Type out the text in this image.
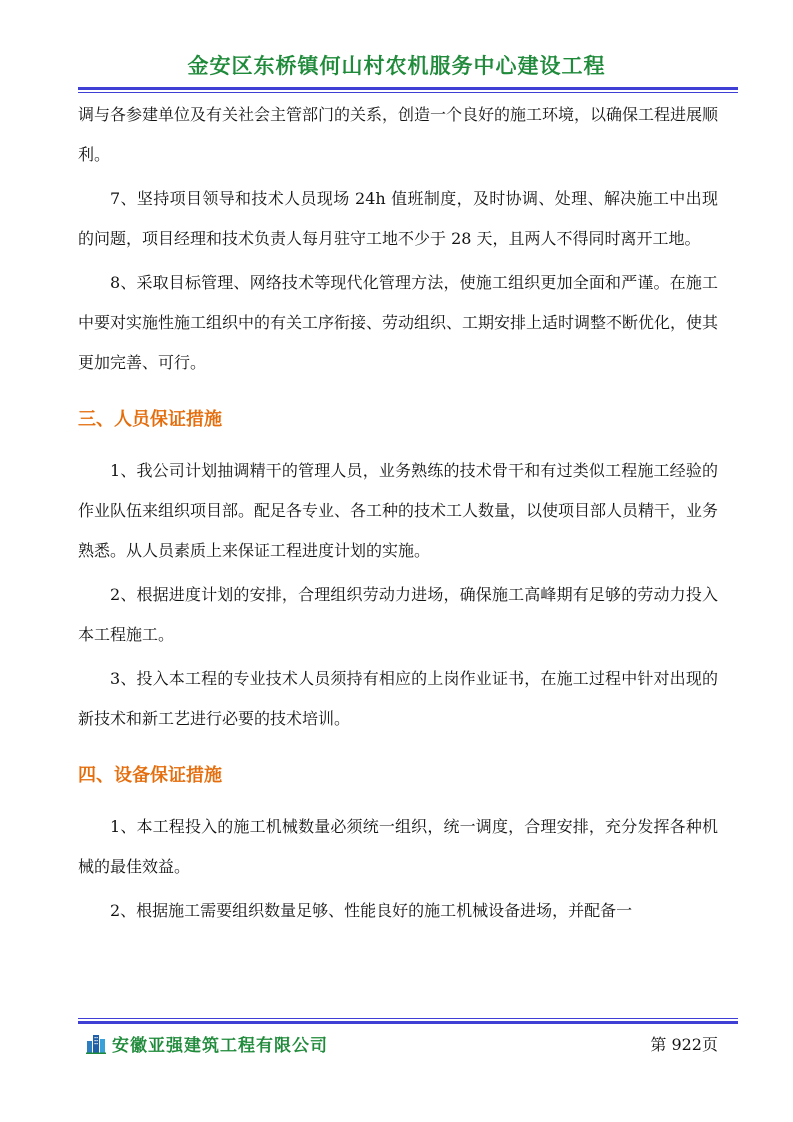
金安区东桥镇何山村农机服务中心建设工程

调与各参建单位及有关社会主管部门的关系，创造一个良好的施工环境，以确保工程进展顺利。

7、坚持项目领导和技术人员现场 24h 值班制度，及时协调、处理、解决施工中出现的问题，项目经理和技术负责人每月驻守工地不少于 28 天，且两人不得同时离开工地。

8、采取目标管理、网络技术等现代化管理方法，使施工组织更加全面和严谨。在施工中要对实施性施工组织中的有关工序衔接、劳动组织、工期安排上适时调整不断优化，使其更加完善、可行。

三、人员保证措施

1、我公司计划抽调精干的管理人员，业务熟练的技术骨干和有过类似工程施工经验的作业队伍来组织项目部。配足各专业、各工种的技术工人数量，以使项目部人员精干，业务熟悉。从人员素质上来保证工程进度计划的实施。

2、根据进度计划的安排，合理组织劳动力进场，确保施工高峰期有足够的劳动力投入本工程施工。

3、投入本工程的专业技术人员须持有相应的上岗作业证书，在施工过程中针对出现的新技术和新工艺进行必要的技术培训。

四、设备保证措施

1、本工程投入的施工机械数量必须统一组织，统一调度，合理安排，充分发挥各种机械的最佳效益。

2、根据施工需要组织数量足够、性能良好的施工机械设备进场，并配备一

安徽亚强建筑工程有限公司	第 922页
